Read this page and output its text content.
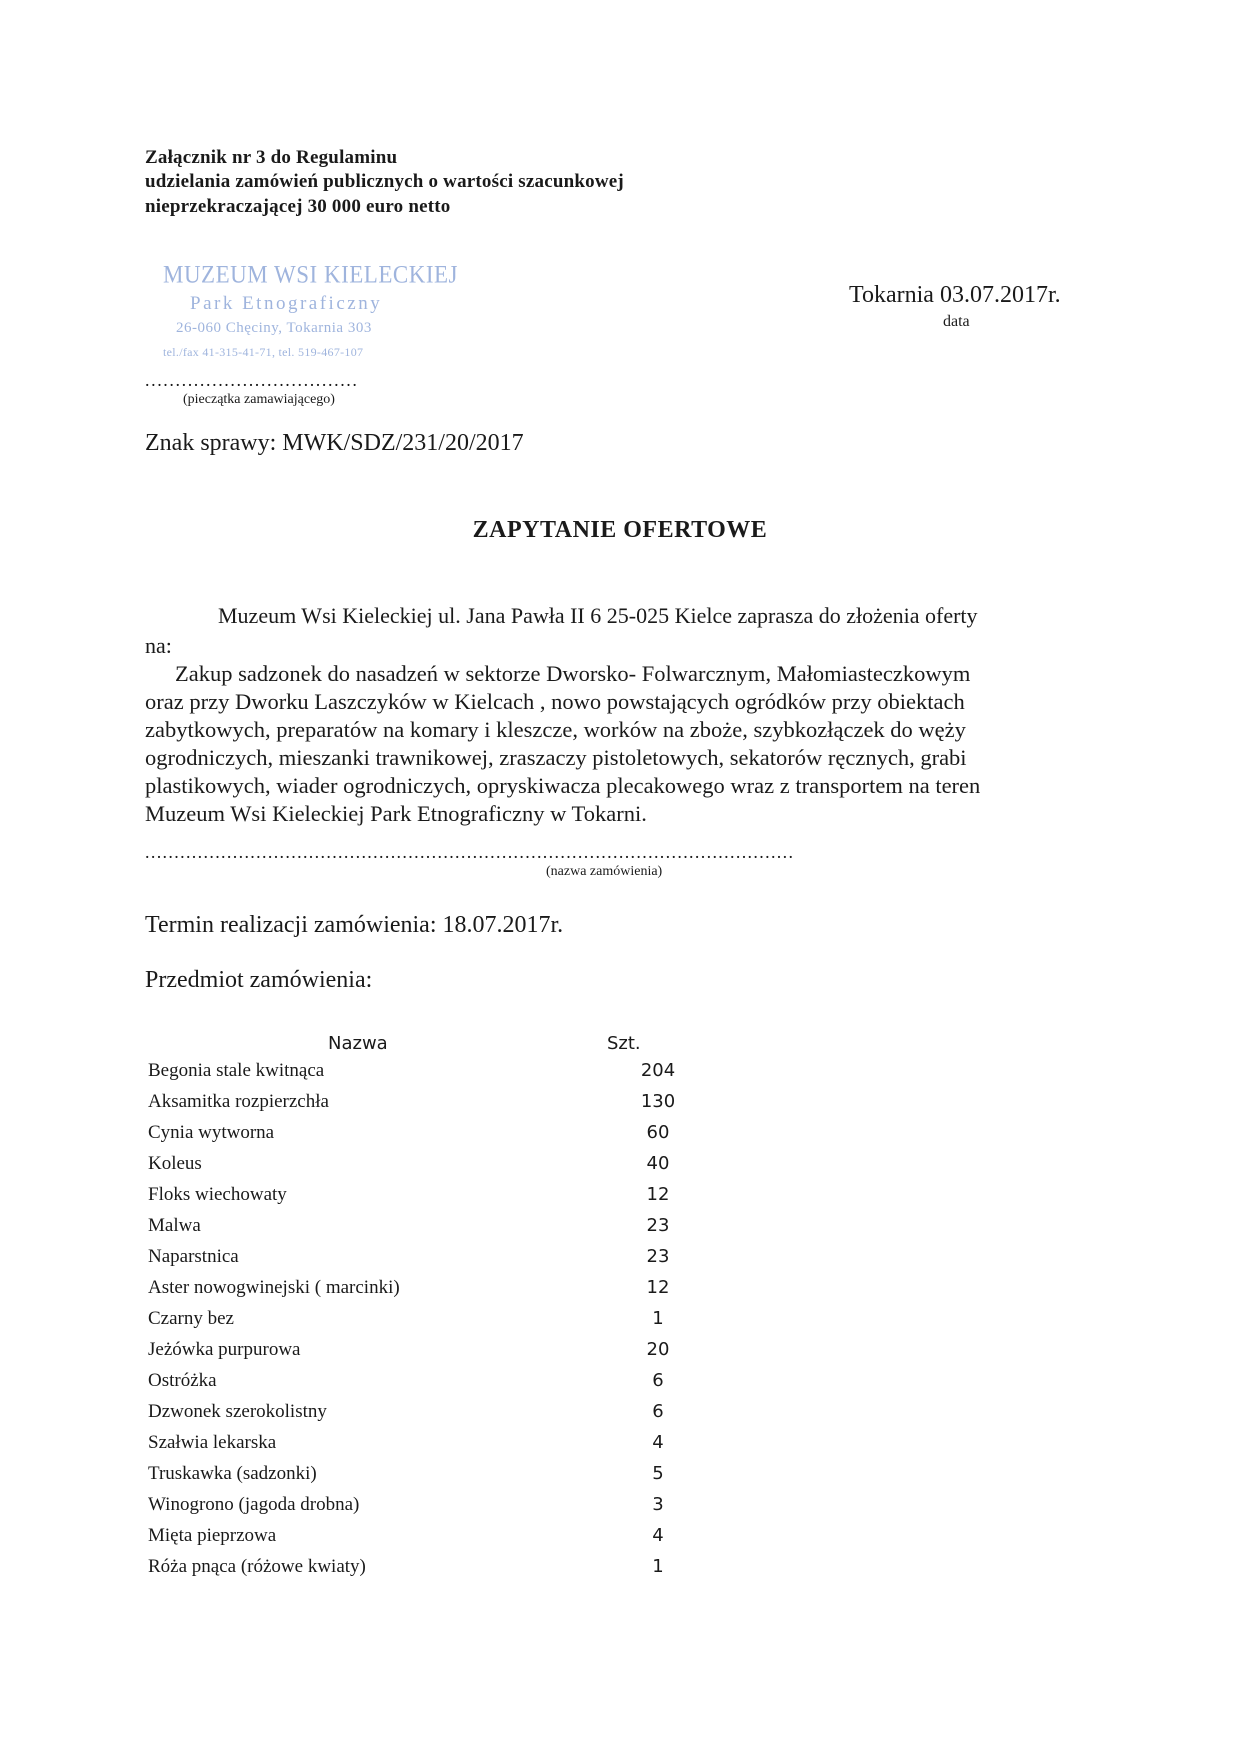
Załącznik nr 3 do Regulaminu
udzielania zamówień publicznych o wartości szacunkowej
nieprzekraczającej 30 000 euro netto
MUZEUM WSI KIELECKIEJ
Park Etnograficzny
26-060 Chęciny, Tokarnia 303
tel./fax 41-315-41-71, tel. 519-467-107
...................................
(pieczątka zamawiającego)
Tokarnia 03.07.2017r.
data
Znak sprawy: MWK/SDZ/231/20/2017
ZAPYTANIE OFERTOWE
Muzeum Wsi Kieleckiej ul. Jana Pawła II 6 25-025 Kielce zaprasza do złożenia oferty
na:
Zakup sadzonek do nasadzeń w sektorze Dworsko- Folwarcznym, Małomiasteczkowym
oraz przy Dworku Laszczyków w Kielcach , nowo powstających ogródków przy obiektach
zabytkowych, preparatów na komary i kleszcze, worków na zboże, szybkozłączek do węży
ogrodniczych, mieszanki trawnikowej, zraszaczy pistoletowych, sekatorów ręcznych, grabi
plastikowych, wiader ogrodniczych, opryskiwacza plecakowego wraz z transportem na teren
Muzeum Wsi Kieleckiej Park Etnograficzny w Tokarni.
...............................................................................................................
(nazwa zamówienia)
Termin realizacji zamówienia: 18.07.2017r.
Przedmiot zamówienia:
Nazwa	Szt.
Begonia stale kwitnąca	204
Aksamitka rozpierzchła	130
Cynia wytworna	60
Koleus	40
Floks wiechowaty	12
Malwa	23
Naparstnica	23
Aster nowogwinejski ( marcinki)	12
Czarny bez	1
Jeżówka purpurowa	20
Ostróżka	6
Dzwonek szerokolistny	6
Szałwia lekarska	4
Truskawka (sadzonki)	5
Winogrono (jagoda drobna)	3
Mięta pieprzowa	4
Róża pnąca (różowe kwiaty)	1
